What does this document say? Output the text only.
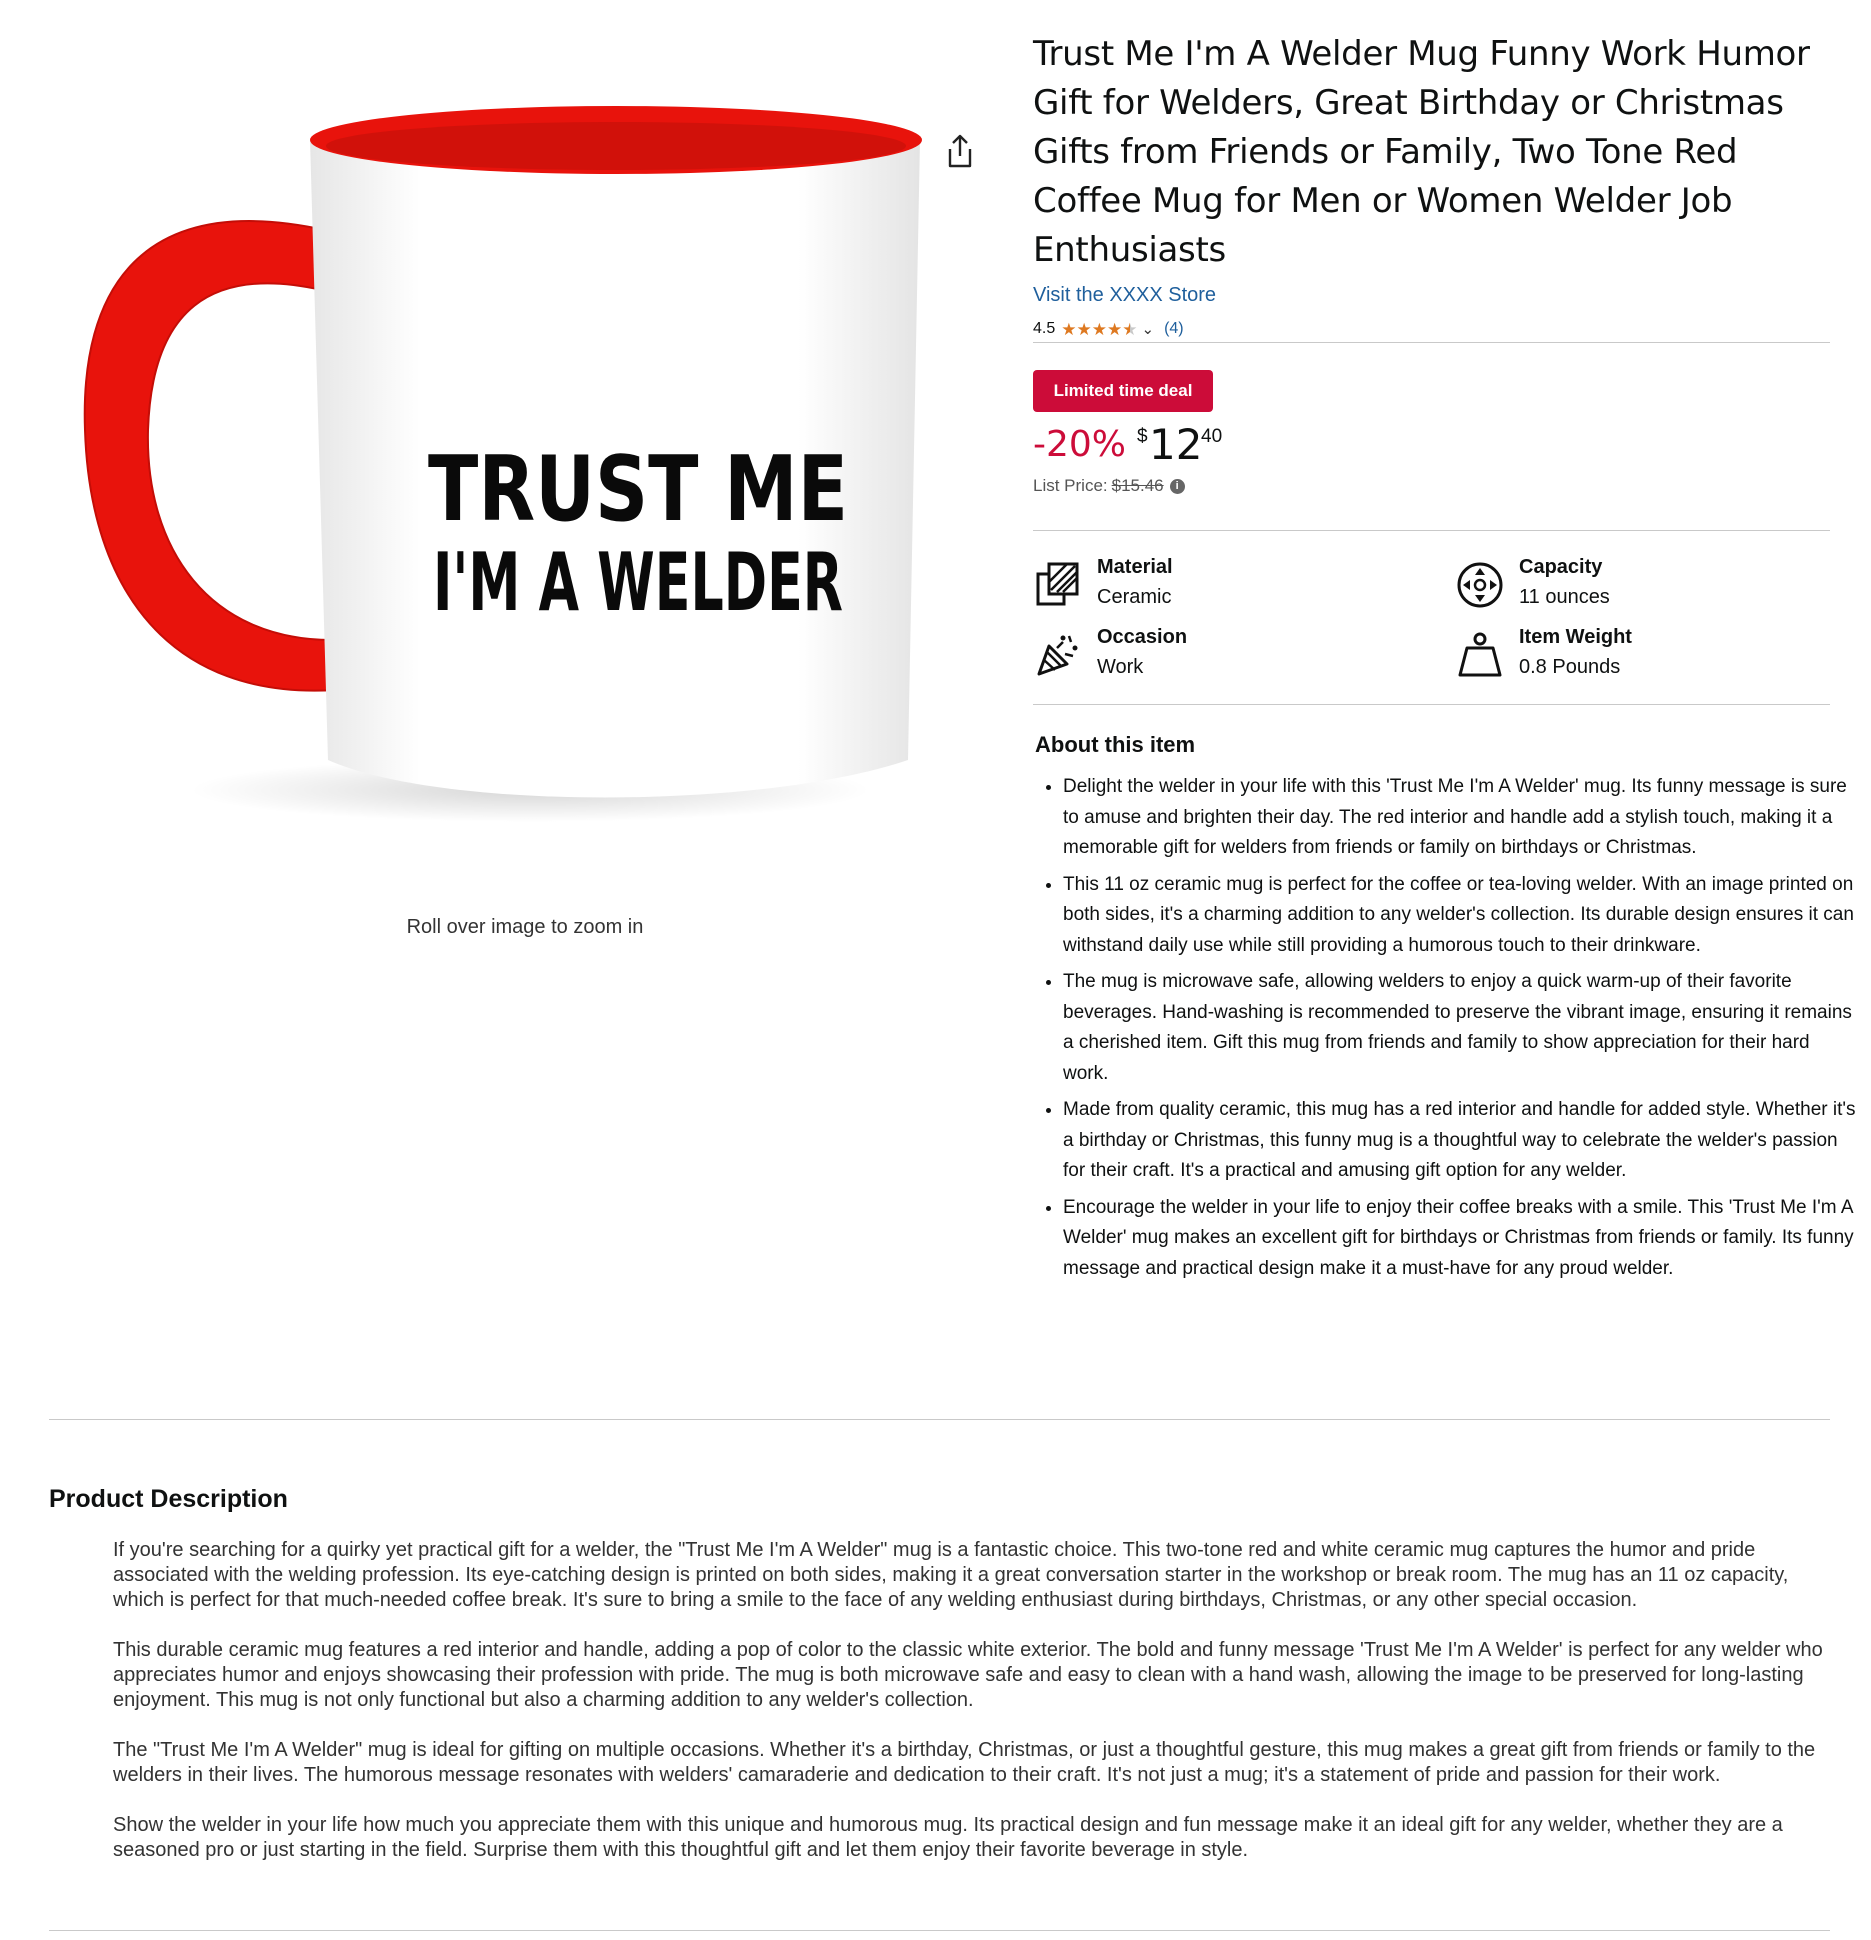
TRUST ME
I'M A WELDER
Roll over image to zoom in
Trust Me I'm A Welder Mug Funny Work Humor Gift for Welders, Great Birthday or Christmas Gifts from Friends or Family, Two Tone Red Coffee Mug for Men or Women Welder Job Enthusiasts
Visit the XXXX Store
4.5 ★ ★ ★ ★ ★ ⌄ (4)
Limited time deal
-20% $ 12
40
List Price: $15.46	i
Material
Ceramic
Capacity
11 ounces
Occasion
Work
Item Weight
0.8 Pounds
About this item
• Delight the welder in your life with this 'Trust Me I'm A Welder' mug. Its funny message is sure to amuse and brighten their day. The red interior and handle add a stylish touch, making it a memorable gift for welders from friends or family on birthdays or Christmas.
• This 11 oz ceramic mug is perfect for the coffee or tea-loving welder. With an image printed on both sides, it's a charming addition to any welder's collection. Its durable design ensures it can withstand daily use while still providing a humorous touch to their drinkware.
• The mug is microwave safe, allowing welders to enjoy a quick warm-up of their favorite beverages. Hand-washing is recommended to preserve the vibrant image, ensuring it remains a cherished item. Gift this mug from friends and family to show appreciation for their hard work.
• Made from quality ceramic, this mug has a red interior and handle for added style. Whether it's a birthday or Christmas, this funny mug is a thoughtful way to celebrate the welder's passion for their craft. It's a practical and amusing gift option for any welder.
• Encourage the welder in your life to enjoy their coffee breaks with a smile. This 'Trust Me I'm A Welder' mug makes an excellent gift for birthdays or Christmas from friends or family. Its funny message and practical design make it a must-have for any proud welder.
Product Description

If you're searching for a quirky yet practical gift for a welder, the "Trust Me I'm A Welder" mug is a fantastic choice. This two-tone red and white ceramic mug captures the humor and pride associated with the welding profession. Its eye-catching design is printed on both sides, making it a great conversation starter in the workshop or break room. The mug has an 11 oz capacity, which is perfect for that much-needed coffee break. It's sure to bring a smile to the face of any welding enthusiast during birthdays, Christmas, or any other special occasion.

This durable ceramic mug features a red interior and handle, adding a pop of color to the classic white exterior. The bold and funny message 'Trust Me I'm A Welder' is perfect for any welder who appreciates humor and enjoys showcasing their profession with pride. The mug is both microwave safe and easy to clean with a hand wash, allowing the image to be preserved for long-lasting enjoyment. This mug is not only functional but also a charming addition to any welder's collection.

The "Trust Me I'm A Welder" mug is ideal for gifting on multiple occasions. Whether it's a birthday, Christmas, or just a thoughtful gesture, this mug makes a great gift from friends or family to the welders in their lives. The humorous message resonates with welders' camaraderie and dedication to their craft. It's not just a mug; it's a statement of pride and passion for their work.

Show the welder in your life how much you appreciate them with this unique and humorous mug. Its practical design and fun message make it an ideal gift for any welder, whether they are a seasoned pro or just starting in the field. Surprise them with this thoughtful gift and let them enjoy their favorite beverage in style.
